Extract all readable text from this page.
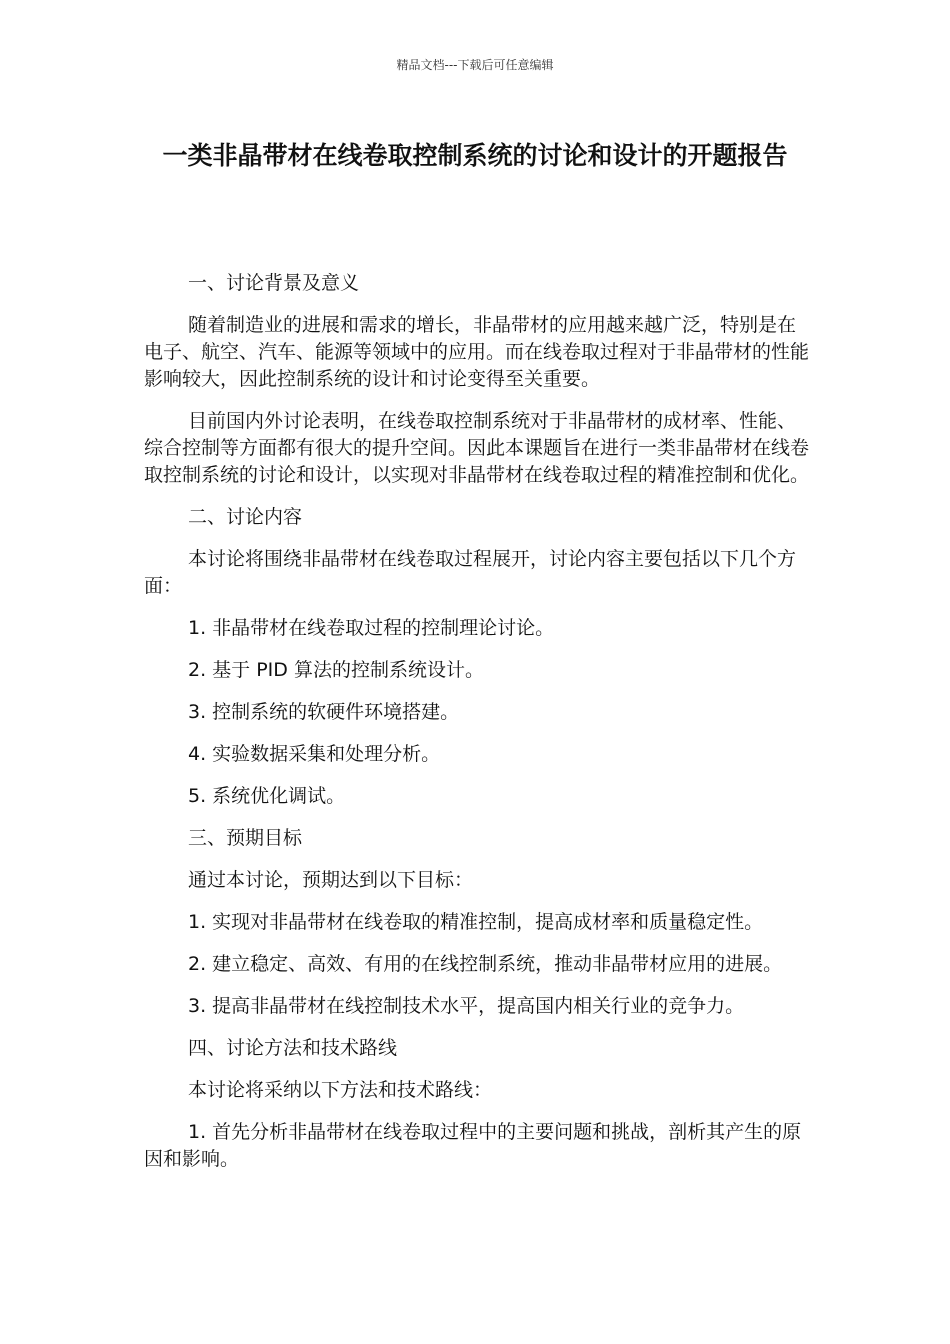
精品文档---下载后可任意编辑
一类非晶带材在线卷取控制系统的讨论和设计的开题报告

一、讨论背景及意义

随着制造业的进展和需求的增长，非晶带材的应用越来越广泛，特别是在电子、航空、汽车、能源等领域中的应用。而在线卷取过程对于非晶带材的性能影响较大，因此控制系统的设计和讨论变得至关重要。

目前国内外讨论表明，在线卷取控制系统对于非晶带材的成材率、性能、综合控制等方面都有很大的提升空间。因此本课题旨在进行一类非晶带材在线卷取控制系统的讨论和设计，以实现对非晶带材在线卷取过程的精准控制和优化。

二、讨论内容

本讨论将围绕非晶带材在线卷取过程展开，讨论内容主要包括以下几个方面：

1. 非晶带材在线卷取过程的控制理论讨论。

2. 基于 PID 算法的控制系统设计。

3. 控制系统的软硬件环境搭建。

4. 实验数据采集和处理分析。

5. 系统优化调试。

三、预期目标

通过本讨论，预期达到以下目标：

1. 实现对非晶带材在线卷取的精准控制，提高成材率和质量稳定性。

2. 建立稳定、高效、有用的在线控制系统，推动非晶带材应用的进展。

3. 提高非晶带材在线控制技术水平，提高国内相关行业的竞争力。

四、讨论方法和技术路线

本讨论将采纳以下方法和技术路线：

1. 首先分析非晶带材在线卷取过程中的主要问题和挑战，剖析其产生的原因和影响。
